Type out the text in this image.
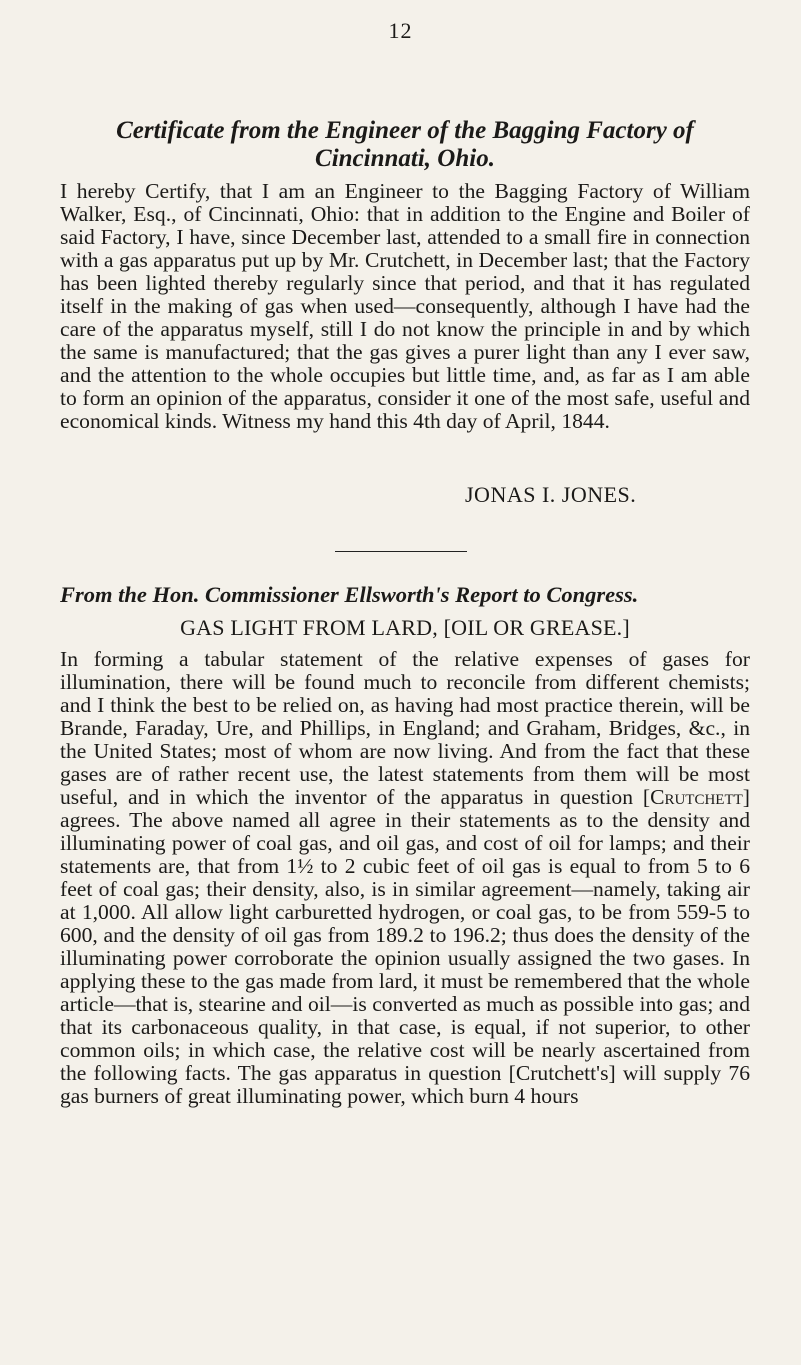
12
Certificate from the Engineer of the Bagging Factory of
Cincinnati, Ohio.
I hereby Certify, that I am an Engineer to the Bagging Factory of William Walker, Esq., of Cincinnati, Ohio: that in addition to the Engine and Boiler of said Factory, I have, since December last, attended to a small fire in connection with a gas apparatus put up by Mr. Crutchett, in December last; that the Factory has been lighted thereby regularly since that period, and that it has regulated itself in the making of gas when used—consequently, although I have had the care of the apparatus myself, still I do not know the principle in and by which the same is manufactured; that the gas gives a purer light than any I ever saw, and the attention to the whole occupies but little time, and, as far as I am able to form an opinion of the apparatus, consider it one of the most safe, useful and economical kinds. Witness my hand this 4th day of April, 1844.
JONAS I. JONES.
From the Hon. Commissioner Ellsworth's Report to Congress.
GAS LIGHT FROM LARD, [OIL OR GREASE.]
In forming a tabular statement of the relative expenses of gases for illumination, there will be found much to reconcile from different chemists; and I think the best to be relied on, as having had most practice therein, will be Brande, Faraday, Ure, and Phillips, in England; and Graham, Bridges, &c., in the United States; most of whom are now living. And from the fact that these gases are of rather recent use, the latest statements from them will be most useful, and in which the inventor of the apparatus in question [Crutchett] agrees. The above named all agree in their statements as to the density and illuminating power of coal gas, and oil gas, and cost of oil for lamps; and their statements are, that from 1½ to 2 cubic feet of oil gas is equal to from 5 to 6 feet of coal gas; their density, also, is in similar agreement—namely, taking air at 1,000. All allow light carburetted hydrogen, or coal gas, to be from 559-5 to 600, and the density of oil gas from 189.2 to 196.2; thus does the density of the illuminating power corroborate the opinion usually assigned the two gases. In applying these to the gas made from lard, it must be remembered that the whole article—that is, stearine and oil—is converted as much as possible into gas; and that its carbonaceous quality, in that case, is equal, if not superior, to other common oils; in which case, the relative cost will be nearly ascertained from the following facts. The gas apparatus in question [Crutchett's] will supply 76 gas burners of great illuminating power, which burn 4 hours
